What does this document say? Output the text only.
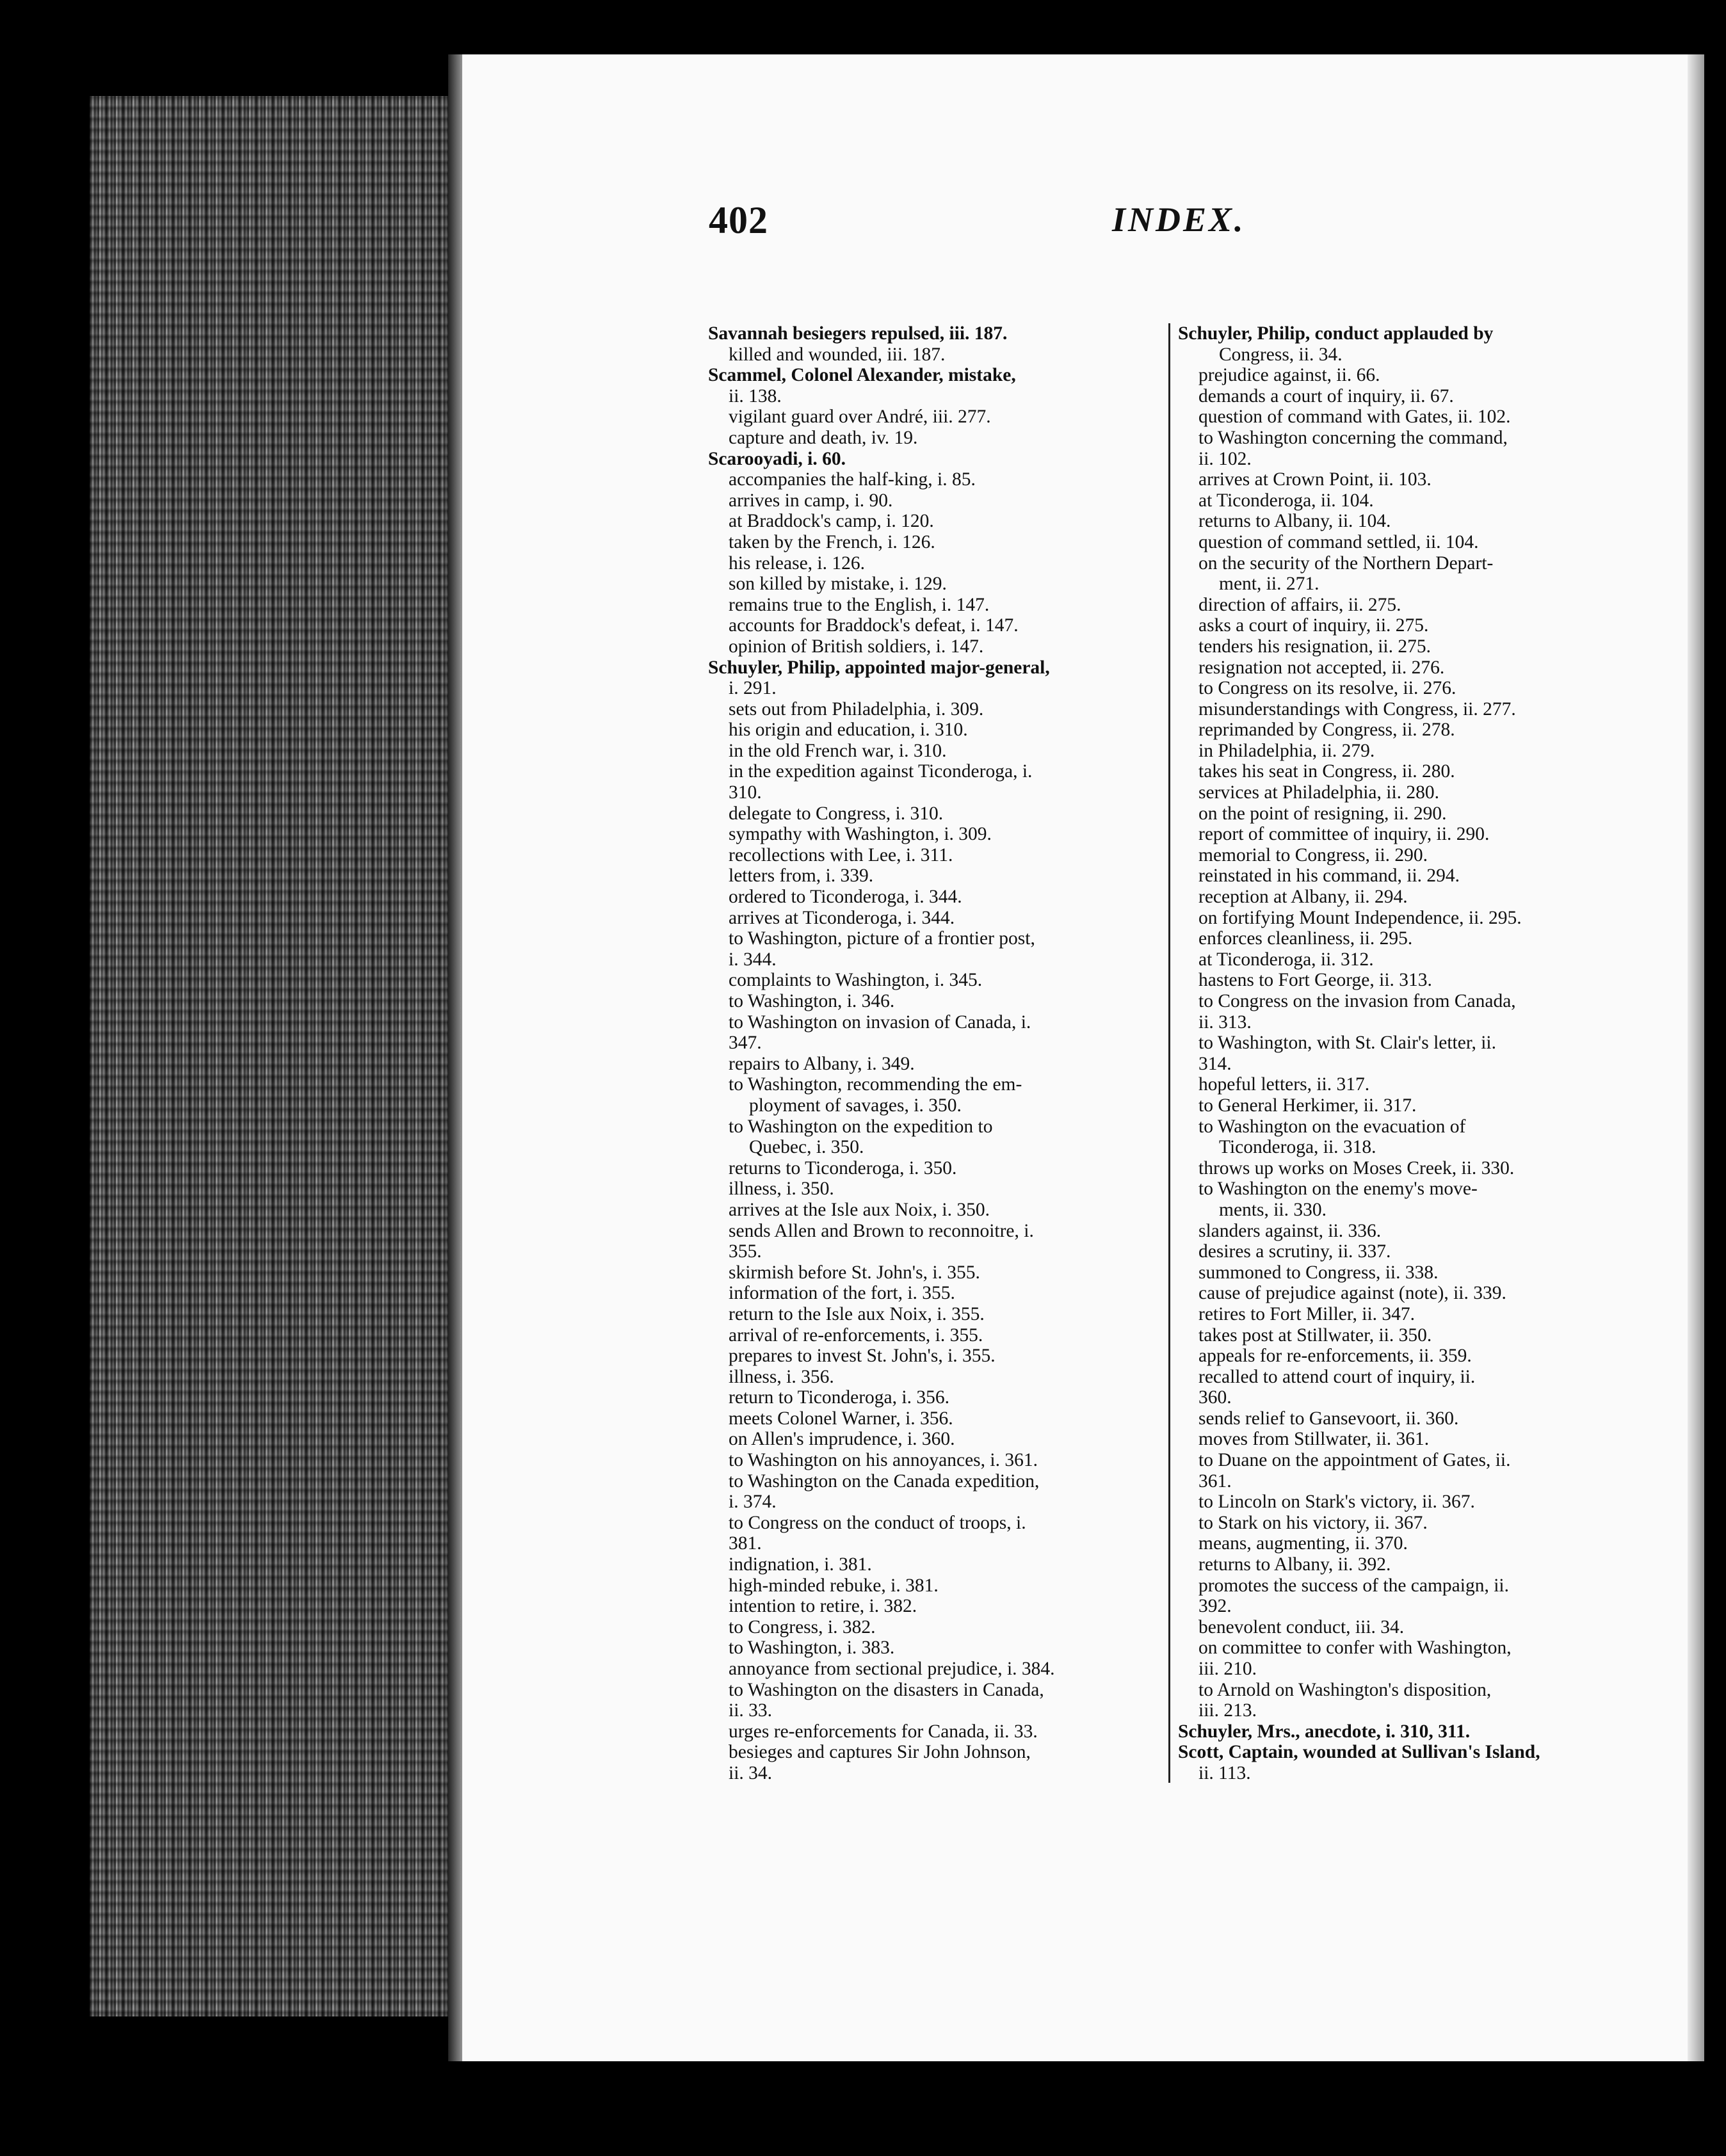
402	INDEX.
Savannah besiegers repulsed, iii. 187.
killed and wounded, iii. 187.
Scammel, Colonel Alexander, mistake,
ii. 138.
vigilant guard over André, iii. 277.
capture and death, iv. 19.
Scarooyadi, i. 60.
accompanies the half-king, i. 85.
arrives in camp, i. 90.
at Braddock's camp, i. 120.
taken by the French, i. 126.
his release, i. 126.
son killed by mistake, i. 129.
remains true to the English, i. 147.
accounts for Braddock's defeat, i. 147.
opinion of British soldiers, i. 147.
Schuyler, Philip, appointed major-general,
i. 291.
sets out from Philadelphia, i. 309.
his origin and education, i. 310.
in the old French war, i. 310.
in the expedition against Ticonderoga, i.
310.
delegate to Congress, i. 310.
sympathy with Washington, i. 309.
recollections with Lee, i. 311.
letters from, i. 339.
ordered to Ticonderoga, i. 344.
arrives at Ticonderoga, i. 344.
to Washington, picture of a frontier post,
i. 344.
complaints to Washington, i. 345.
to Washington, i. 346.
to Washington on invasion of Canada, i.
347.
repairs to Albany, i. 349.
to Washington, recommending the em-
ployment of savages, i. 350.
to Washington on the expedition to
Quebec, i. 350.
returns to Ticonderoga, i. 350.
illness, i. 350.
arrives at the Isle aux Noix, i. 350.
sends Allen and Brown to reconnoitre, i.
355.
skirmish before St. John's, i. 355.
information of the fort, i. 355.
return to the Isle aux Noix, i. 355.
arrival of re-enforcements, i. 355.
prepares to invest St. John's, i. 355.
illness, i. 356.
return to Ticonderoga, i. 356.
meets Colonel Warner, i. 356.
on Allen's imprudence, i. 360.
to Washington on his annoyances, i. 361.
to Washington on the Canada expedition,
i. 374.
to Congress on the conduct of troops, i.
381.
indignation, i. 381.
high-minded rebuke, i. 381.
intention to retire, i. 382.
to Congress, i. 382.
to Washington, i. 383.
annoyance from sectional prejudice, i. 384.
to Washington on the disasters in Canada,
ii. 33.
urges re-enforcements for Canada, ii. 33.
besieges and captures Sir John Johnson,
ii. 34.
Schuyler, Philip, conduct applauded by
Congress, ii. 34.
prejudice against, ii. 66.
demands a court of inquiry, ii. 67.
question of command with Gates, ii. 102.
to Washington concerning the command,
ii. 102.
arrives at Crown Point, ii. 103.
at Ticonderoga, ii. 104.
returns to Albany, ii. 104.
question of command settled, ii. 104.
on the security of the Northern Depart-
ment, ii. 271.
direction of affairs, ii. 275.
asks a court of inquiry, ii. 275.
tenders his resignation, ii. 275.
resignation not accepted, ii. 276.
to Congress on its resolve, ii. 276.
misunderstandings with Congress, ii. 277.
reprimanded by Congress, ii. 278.
in Philadelphia, ii. 279.
takes his seat in Congress, ii. 280.
services at Philadelphia, ii. 280.
on the point of resigning, ii. 290.
report of committee of inquiry, ii. 290.
memorial to Congress, ii. 290.
reinstated in his command, ii. 294.
reception at Albany, ii. 294.
on fortifying Mount Independence, ii. 295.
enforces cleanliness, ii. 295.
at Ticonderoga, ii. 312.
hastens to Fort George, ii. 313.
to Congress on the invasion from Canada,
ii. 313.
to Washington, with St. Clair's letter, ii.
314.
hopeful letters, ii. 317.
to General Herkimer, ii. 317.
to Washington on the evacuation of
Ticonderoga, ii. 318.
throws up works on Moses Creek, ii. 330.
to Washington on the enemy's move-
ments, ii. 330.
slanders against, ii. 336.
desires a scrutiny, ii. 337.
summoned to Congress, ii. 338.
cause of prejudice against (note), ii. 339.
retires to Fort Miller, ii. 347.
takes post at Stillwater, ii. 350.
appeals for re-enforcements, ii. 359.
recalled to attend court of inquiry, ii.
360.
sends relief to Gansevoort, ii. 360.
moves from Stillwater, ii. 361.
to Duane on the appointment of Gates, ii.
361.
to Lincoln on Stark's victory, ii. 367.
to Stark on his victory, ii. 367.
means, augmenting, ii. 370.
returns to Albany, ii. 392.
promotes the success of the campaign, ii.
392.
benevolent conduct, iii. 34.
on committee to confer with Washington,
iii. 210.
to Arnold on Washington's disposition,
iii. 213.
Schuyler, Mrs., anecdote, i. 310, 311.
Scott, Captain, wounded at Sullivan's Island,
ii. 113.
